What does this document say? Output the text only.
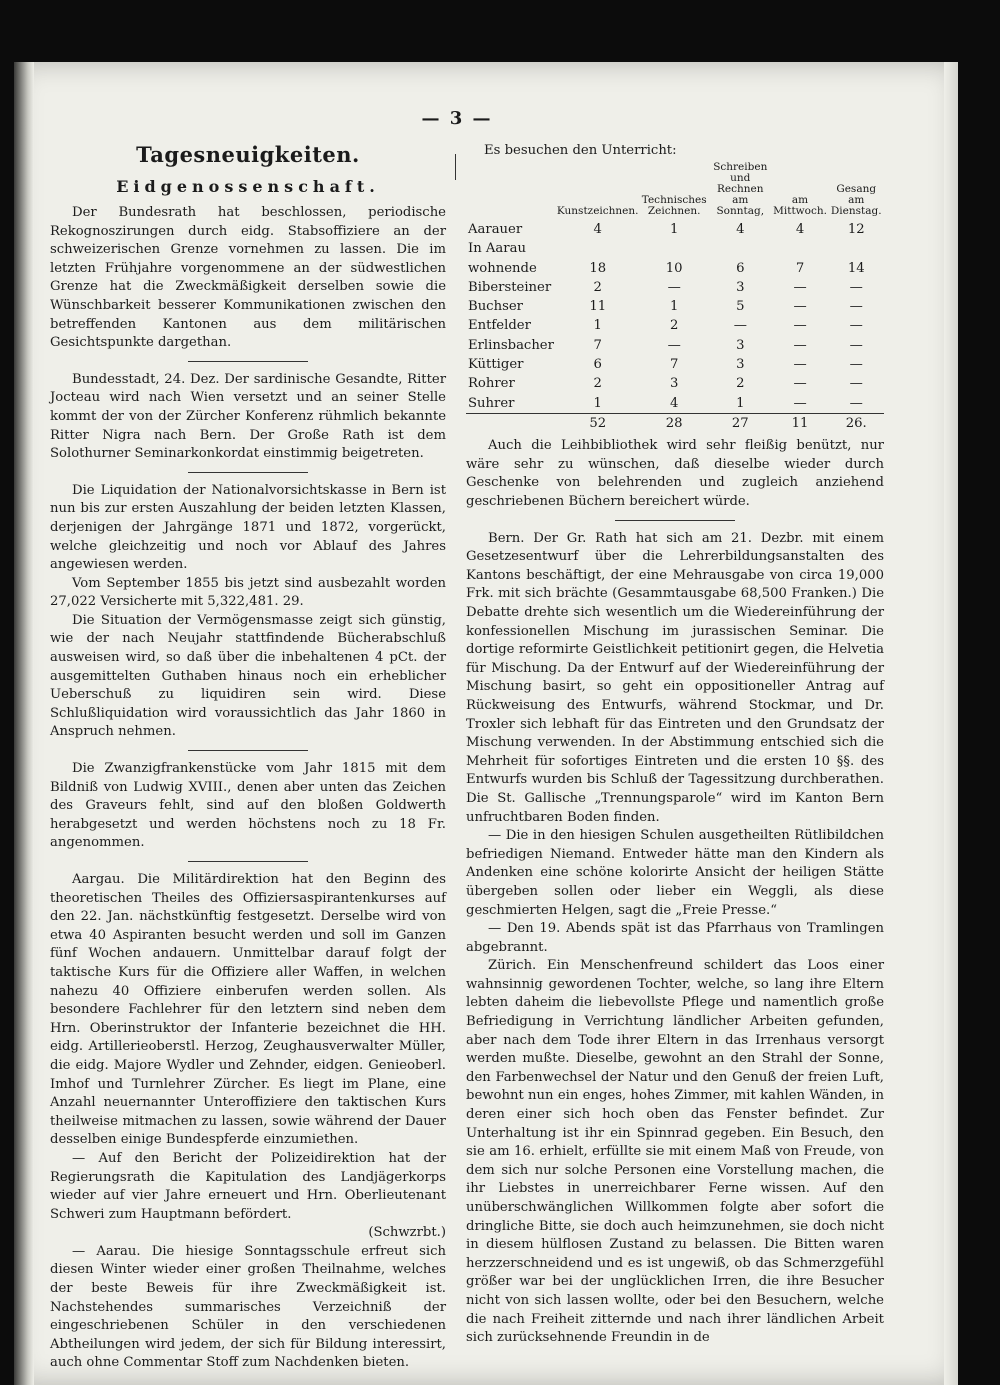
— 3 —
Tagesneuigkeiten.
Eidgenossenschaft.

Der Bundesrath hat beschlossen, periodische Rekognoszirungen durch eidg. Stabsoffiziere an der schweizerischen Grenze vornehmen zu lassen. Die im letzten Frühjahre vorgenommene an der südwestlichen Grenze hat die Zweckmäßigkeit derselben sowie die Wünschbarkeit besserer Kommunikationen zwischen den betreffenden Kantonen aus dem militärischen Gesichtspunkte dargethan.

Bundesstadt, 24. Dez. Der sardinische Gesandte, Ritter Jocteau wird nach Wien versetzt und an seiner Stelle kommt der von der Zürcher Konferenz rühmlich bekannte Ritter Nigra nach Bern. Der Große Rath ist dem Solothurner Seminarkonkordat einstimmig beigetreten.

Die Liquidation der Nationalvorsichtskasse in Bern ist nun bis zur ersten Auszahlung der beiden letzten Klassen, derjenigen der Jahrgänge 1871 und 1872, vorgerückt, welche gleichzeitig und noch vor Ablauf des Jahres angewiesen werden.

Vom September 1855 bis jetzt sind ausbezahlt worden 27,022 Versicherte mit 5,322,481. 29.

Die Situation der Vermögensmasse zeigt sich günstig, wie der nach Neujahr stattfindende Bücherabschluß ausweisen wird, so daß über die inbehaltenen 4 pCt. der ausgemittelten Guthaben hinaus noch ein erheblicher Ueberschuß zu liquidiren sein wird. Diese Schlußliquidation wird voraussichtlich das Jahr 1860 in Anspruch nehmen.

Die Zwanzigfrankenstücke vom Jahr 1815 mit dem Bildniß von Ludwig XVIII., denen aber unten das Zeichen des Graveurs fehlt, sind auf den bloßen Goldwerth herabgesetzt und werden höchstens noch zu 18 Fr. angenommen.

Aargau. Die Militärdirektion hat den Beginn des theoretischen Theiles des Offiziersaspirantenkurses auf den 22. Jan. nächstkünftig festgesetzt. Derselbe wird von etwa 40 Aspiranten besucht werden und soll im Ganzen fünf Wochen andauern. Unmittelbar darauf folgt der taktische Kurs für die Offiziere aller Waffen, in welchen nahezu 40 Offiziere einberufen werden sollen. Als besondere Fachlehrer für den letztern sind neben dem Hrn. Oberinstruktor der Infanterie bezeichnet die HH. eidg. Artillerieoberstl. Herzog, Zeughausverwalter Müller, die eidg. Majore Wydler und Zehnder, eidgen. Genieoberl. Imhof und Turnlehrer Zürcher. Es liegt im Plane, eine Anzahl neuernannter Unteroffiziere den taktischen Kurs theilweise mitmachen zu lassen, sowie während der Dauer desselben einige Bundespferde einzumiethen.

— Auf den Bericht der Polizeidirektion hat der Regierungsrath die Kapitulation des Landjägerkorps wieder auf vier Jahre erneuert und Hrn. Oberlieutenant Schweri zum Hauptmann befördert.

(Schwzrbt.)

— Aarau. Die hiesige Sonntagsschule erfreut sich diesen Winter wieder einer großen Theilnahme, welches der beste Beweis für ihre Zweckmäßigkeit ist. Nachstehendes summarisches Verzeichniß der eingeschriebenen Schüler in den verschiedenen Abtheilungen wird jedem, der sich für Bildung interessirt, auch ohne Commentar Stoff zum Nachdenken bieten.

Es besuchen den Unterricht:
	Kunstzeichnen.	Technisches Zeichnen.	Schreiben und Rechnen am Sonntag,	am Mittwoch.	Gesang am Dienstag.
Aarauer	4	1	4	4	12
In Aarau					
wohnende	18	10	6	7	14
Bibersteiner	2	—	3	—	—
Buchser	11	1	5	—	—
Entfelder	1	2	—	—	—
Erlinsbacher	7	—	3	—	—
Küttiger	6	7	3	—	—
Rohrer	2	3	2	—	—
Suhrer	1	4	1	—	—
	52	28	27	11	26.

Auch die Leihbibliothek wird sehr fleißig benützt, nur wäre sehr zu wünschen, daß dieselbe wieder durch Geschenke von belehrenden und zugleich anziehend geschriebenen Büchern bereichert würde.

Bern. Der Gr. Rath hat sich am 21. Dezbr. mit einem Gesetzesentwurf über die Lehrerbildungsanstalten des Kantons beschäftigt, der eine Mehrausgabe von circa 19,000 Frk. mit sich brächte (Gesammtausgabe 68,500 Franken.) Die Debatte drehte sich wesentlich um die Wiedereinführung der konfessionellen Mischung im jurassischen Seminar. Die dortige reformirte Geistlichkeit petitionirt gegen, die Helvetia für Mischung. Da der Entwurf auf der Wiedereinführung der Mischung basirt, so geht ein oppositioneller Antrag auf Rückweisung des Entwurfs, während Stockmar, und Dr. Troxler sich lebhaft für das Eintreten und den Grundsatz der Mischung verwenden. In der Abstimmung entschied sich die Mehrheit für sofortiges Eintreten und die ersten 10 §§. des Entwurfs wurden bis Schluß der Tagessitzung durchberathen. Die St. Gallische „Trennungsparole“ wird im Kanton Bern unfruchtbaren Boden finden.

— Die in den hiesigen Schulen ausgetheilten Rütlibildchen befriedigen Niemand. Entweder hätte man den Kindern als Andenken eine schöne kolorirte Ansicht der heiligen Stätte übergeben sollen oder lieber ein Weggli, als diese geschmierten Helgen, sagt die „Freie Presse.“

— Den 19. Abends spät ist das Pfarrhaus von Tramlingen abgebrannt.

Zürich. Ein Menschenfreund schildert das Loos einer wahnsinnig gewordenen Tochter, welche, so lang ihre Eltern lebten daheim die liebevollste Pflege und namentlich große Befriedigung in Verrichtung ländlicher Arbeiten gefunden, aber nach dem Tode ihrer Eltern in das Irrenhaus versorgt werden mußte. Dieselbe, gewohnt an den Strahl der Sonne, den Farbenwechsel der Natur und den Genuß der freien Luft, bewohnt nun ein enges, hohes Zimmer, mit kahlen Wänden, in deren einer sich hoch oben das Fenster befindet. Zur Unterhaltung ist ihr ein Spinnrad gegeben. Ein Besuch, den sie am 16. erhielt, erfüllte sie mit einem Maß von Freude, von dem sich nur solche Personen eine Vorstellung machen, die ihr Liebstes in unerreichbarer Ferne wissen. Auf den unüberschwänglichen Willkommen folgte aber sofort die dringliche Bitte, sie doch auch heimzunehmen, sie doch nicht in diesem hülflosen Zustand zu belassen. Die Bitten waren herzzerschneidend und es ist ungewiß, ob das Schmerzgefühl größer war bei der unglücklichen Irren, die ihre Besucher nicht von sich lassen wollte, oder bei den Besuchern, welche die nach Freiheit zitternde und nach ihrer ländlichen Arbeit sich zurücksehnende Freundin in de
